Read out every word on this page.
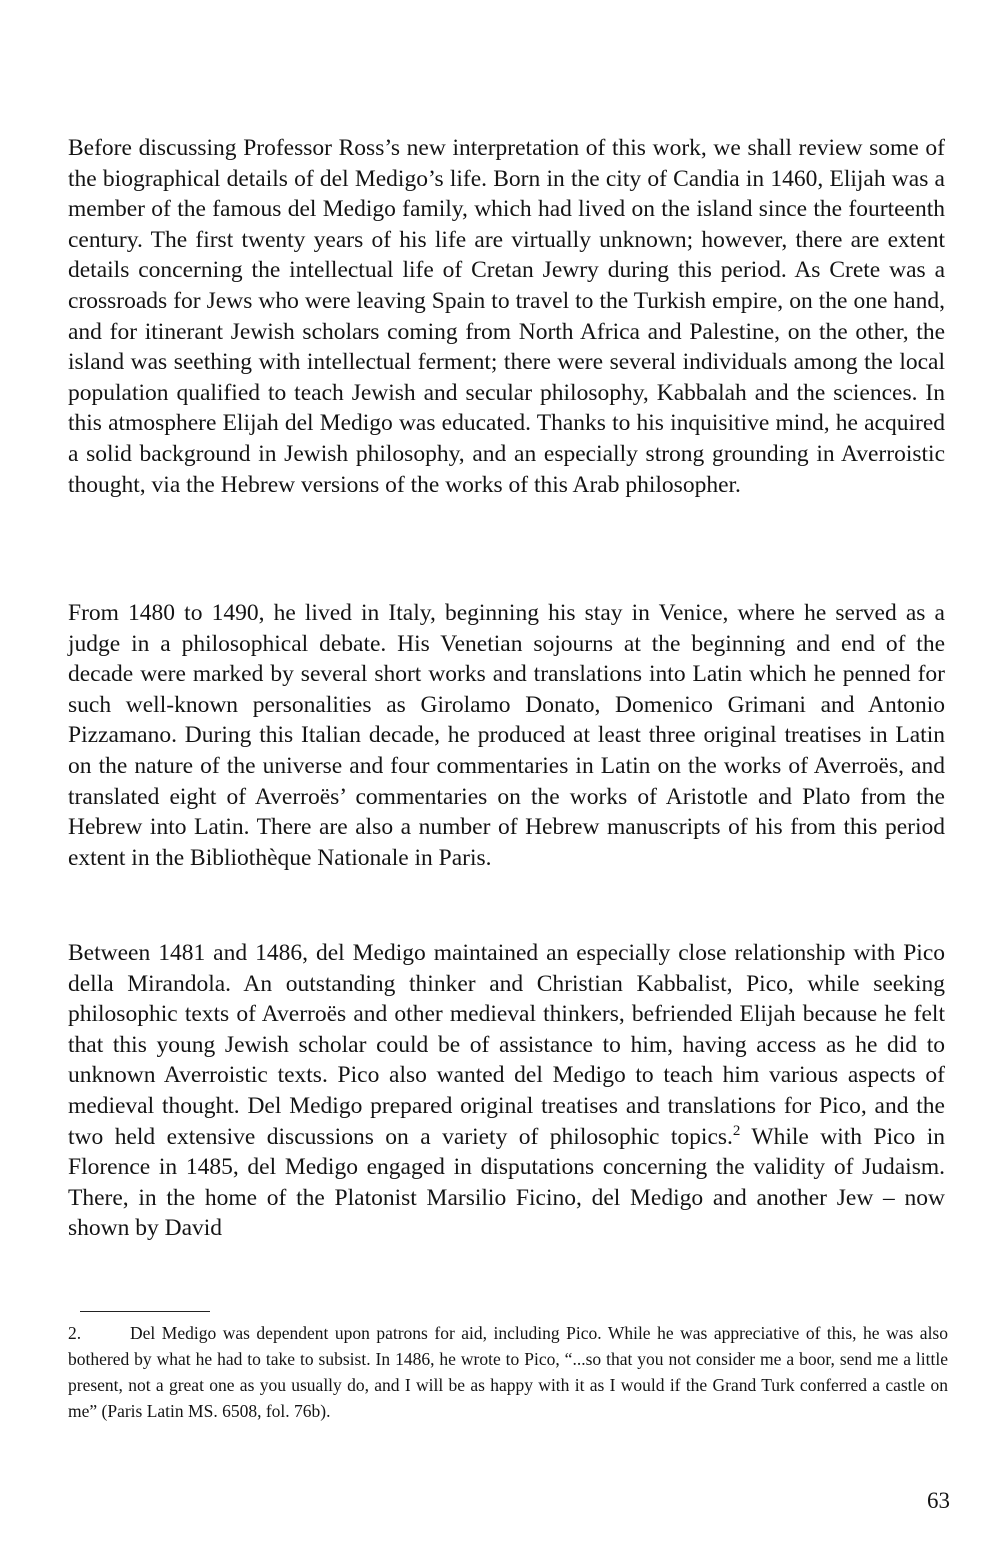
Before discussing Professor Ross’s new interpretation of this work, we shall review some of the biographical details of del Medigo’s life. Born in the city of Candia in 1460, Elijah was a member of the famous del Medigo family, which had lived on the island since the fourteenth century. The first twenty years of his life are virtually unknown; however, there are extent details concerning the intellectual life of Cretan Jewry during this period. As Crete was a crossroads for Jews who were leaving Spain to travel to the Turkish empire, on the one hand, and for itinerant Jewish scholars coming from North Africa and Palestine, on the other, the island was seething with intellectual ferment; there were several individuals among the local population qualified to teach Jewish and secular philosophy, Kabbalah and the sciences. In this atmosphere Elijah del Medigo was educated. Thanks to his inquisitive mind, he acquired a solid background in Jewish philosophy, and an especially strong grounding in Averroistic thought, via the Hebrew versions of the works of this Arab philosopher.

From 1480 to 1490, he lived in Italy, beginning his stay in Venice, where he served as a judge in a philosophical debate. His Venetian sojourns at the beginning and end of the decade were marked by several short works and translations into Latin which he penned for such well-known personalities as Girolamo Donato, Domenico Grimani and Antonio Pizzamano. During this Italian decade, he produced at least three original treatises in Latin on the nature of the universe and four commentaries in Latin on the works of Averroës, and translated eight of Averroës’ commentaries on the works of Aristotle and Plato from the Hebrew into Latin. There are also a number of Hebrew manuscripts of his from this period extent in the Bibliothèque Nationale in Paris.

Between 1481 and 1486, del Medigo maintained an especially close relationship with Pico della Mirandola. An outstanding thinker and Christian Kabbalist, Pico, while seeking philosophic texts of Averroës and other medieval thinkers, befriended Elijah because he felt that this young Jewish scholar could be of assistance to him, having access as he did to unknown Averroistic texts. Pico also wanted del Medigo to teach him various aspects of medieval thought. Del Medigo prepared original treatises and translations for Pico, and the two held extensive discussions on a variety of philosophic topics.$^2$ While with Pico in Florence in 1485, del Medigo engaged in disputations concerning the validity of Judaism. There, in the home of the Platonist Marsilio Ficino, del Medigo and another Jew – now shown by David

2.	Del Medigo was dependent upon patrons for aid, including Pico. While he was appreciative of this, he was also bothered by what he had to take to subsist. In 1486, he wrote to Pico, “...so that you not consider me a boor, send me a little present, not a great one as you usually do, and I will be as happy with it as I would if the Grand Turk conferred a castle on me” (Paris Latin MS. 6508, fol. 76b).

63
